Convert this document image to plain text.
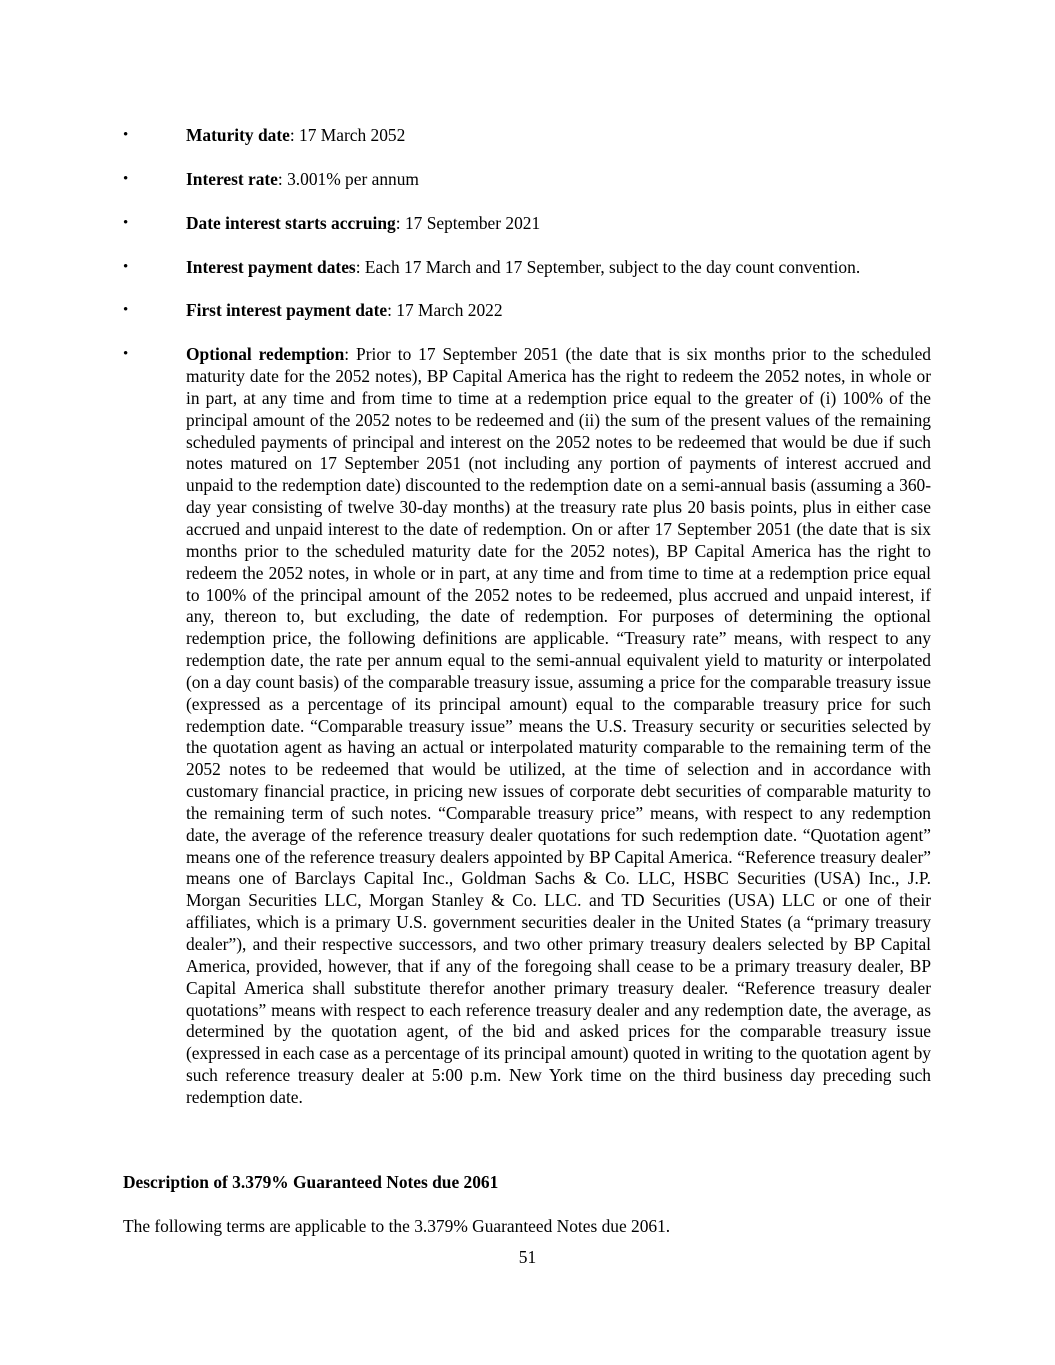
•	Maturity date: 17 March 2052
•	Interest rate: 3.001% per annum
•	Date interest starts accruing: 17 September 2021
•	Interest payment dates: Each 17 March and 17 September, subject to the day count convention.
•	First interest payment date: 17 March 2022
•	Optional redemption: Prior to 17 September 2051 (the date that is six months prior to the scheduled maturity date for the 2052 notes), BP Capital America has the right to redeem the 2052 notes, in whole or in part, at any time and from time to time at a redemption price equal to the greater of (i) 100% of the principal amount of the 2052 notes to be redeemed and (ii) the sum of the present values of the remaining scheduled payments of principal and interest on the 2052 notes to be redeemed that would be due if such notes matured on 17 September 2051 (not including any portion of payments of interest accrued and unpaid to the redemption date) discounted to the redemption date on a semi-annual basis (assuming a 360-day year consisting of twelve 30-day months) at the treasury rate plus 20 basis points, plus in either case accrued and unpaid interest to the date of redemption. On or after 17 September 2051 (the date that is six months prior to the scheduled maturity date for the 2052 notes), BP Capital America has the right to redeem the 2052 notes, in whole or in part, at any time and from time to time at a redemption price equal to 100% of the principal amount of the 2052 notes to be redeemed, plus accrued and unpaid interest, if any, thereon to, but excluding, the date of redemption. For purposes of determining the optional redemption price, the following definitions are applicable. “Treasury rate” means, with respect to any redemption date, the rate per annum equal to the semi-annual equivalent yield to maturity or interpolated (on a day count basis) of the comparable treasury issue, assuming a price for the comparable treasury issue (expressed as a percentage of its principal amount) equal to the comparable treasury price for such redemption date. “Comparable treasury issue” means the U.S. Treasury security or securities selected by the quotation agent as having an actual or interpolated maturity comparable to the remaining term of the 2052 notes to be redeemed that would be utilized, at the time of selection and in accordance with customary financial practice, in pricing new issues of corporate debt securities of comparable maturity to the remaining term of such notes. “Comparable treasury price” means, with respect to any redemption date, the average of the reference treasury dealer quotations for such redemption date. “Quotation agent” means one of the reference treasury dealers appointed by BP Capital America. “Reference treasury dealer” means one of Barclays Capital Inc., Goldman Sachs & Co. LLC, HSBC Securities (USA) Inc., J.P. Morgan Securities LLC, Morgan Stanley & Co. LLC. and TD Securities (USA) LLC or one of their affiliates, which is a primary U.S. government securities dealer in the United States (a “primary treasury dealer”), and their respective successors, and two other primary treasury dealers selected by BP Capital America, provided, however, that if any of the foregoing shall cease to be a primary treasury dealer, BP Capital America shall substitute therefor another primary treasury dealer. “Reference treasury dealer quotations” means with respect to each reference treasury dealer and any redemption date, the average, as determined by the quotation agent, of the bid and asked prices for the comparable treasury issue (expressed in each case as a percentage of its principal amount) quoted in writing to the quotation agent by such reference treasury dealer at 5:00 p.m. New York time on the third business day preceding such redemption date.
Description of 3.379% Guaranteed Notes due 2061

The following terms are applicable to the 3.379% Guaranteed Notes due 2061.

51
